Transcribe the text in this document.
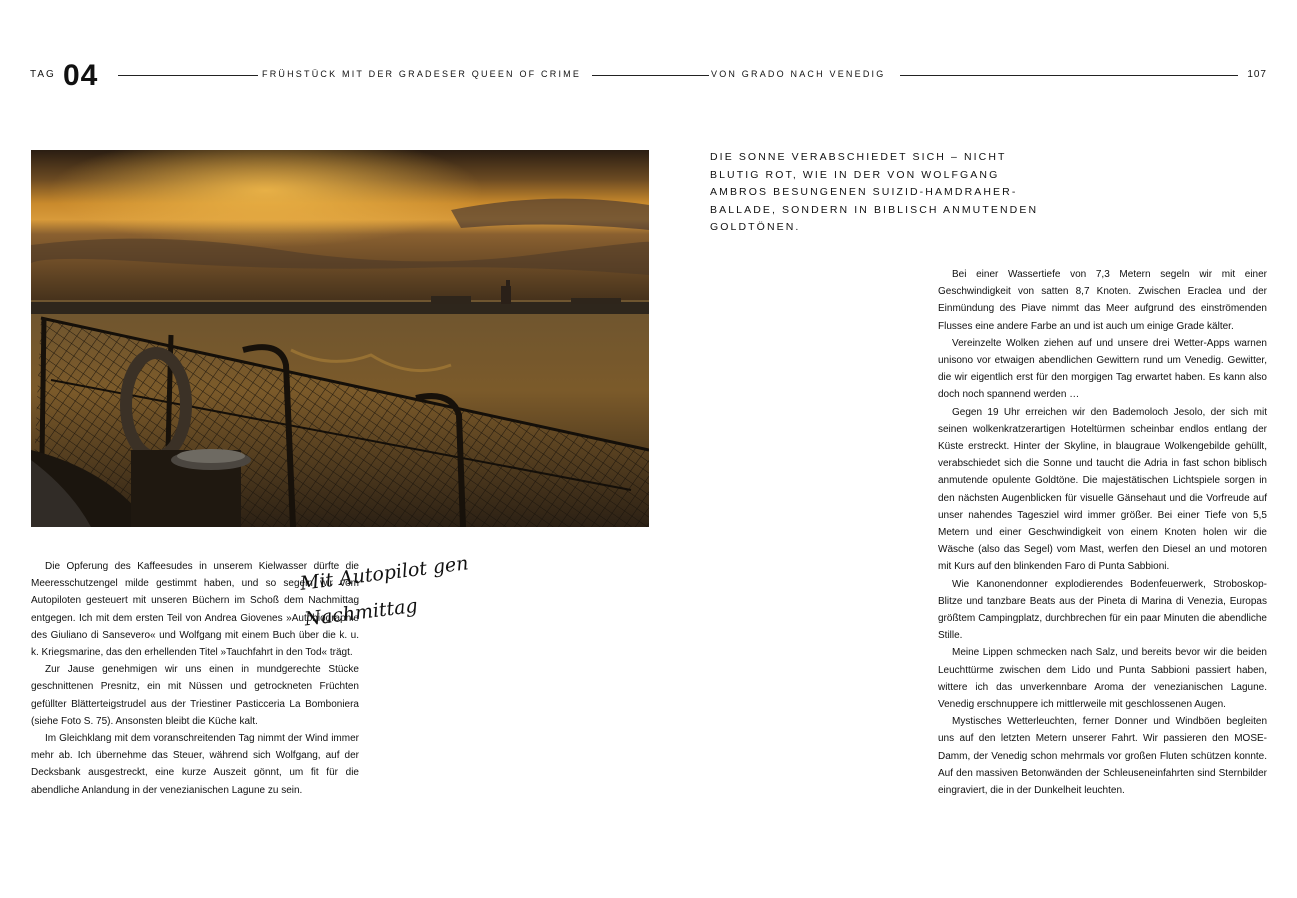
TAG 04	FRÜHSTÜCK MIT DER GRADESER QUEEN OF CRIME	VON GRADO NACH VENEDIG	107
DIE SONNE VERABSCHIEDET SICH – NICHT BLUTIG ROT, WIE IN DER VON WOLFGANG AMBROS BESUNGENEN SUIZID-HAMDRAHER-BALLADE, SONDERN IN BIBLISCH ANMUTENDEN GOLDTÖNEN.
Mit Autopilot gen
Nachmittag

Die Opferung des Kaffeesudes in unserem Kielwasser dürfte die Meeresschutzengel milde gestimmt haben, und so segeln wir vom Autopiloten gesteuert mit unseren Büchern im Schoß dem Nachmittag entgegen. Ich mit dem ersten Teil von Andrea Giovenes »Autobiographie des Giuliano di Sanseverо« und Wolfgang mit einem Buch über die k. u. k. Kriegsmarine, das den erhellenden Titel »Tauchfahrt in den Tod« trägt.

Zur Jause genehmigen wir uns einen in mundgerechte Stücke geschnittenen Presnitz, ein mit Nüssen und getrockneten Früchten gefüllter Blätterteigstrudel aus der Triestiner Pasticceria La Bomboniera (siehe Foto S. 75). Ansonsten bleibt die Küche kalt.

Im Gleichklang mit dem voranschreitenden Tag nimmt der Wind immer mehr ab. Ich übernehme das Steuer, während sich Wolfgang, auf der Decksbank ausgestreckt, eine kurze Auszeit gönnt, um fit für die abendliche Anlandung in der venezianischen Lagune zu sein.

Bei einer Wassertiefe von 7,3 Metern segeln wir mit einer Geschwindigkeit von satten 8,7 Knoten. Zwischen Eraclea und der Einmündung des Piave nimmt das Meer aufgrund des einströmenden Flusses eine andere Farbe an und ist auch um einige Grade kälter.

Vereinzelte Wolken ziehen auf und unsere drei Wetter-Apps warnen unisono vor etwaigen abendlichen Gewittern rund um Venedig. Gewitter, die wir eigentlich erst für den morgigen Tag erwartet haben. Es kann also doch noch spannend werden …

Gegen 19 Uhr erreichen wir den Bademoloch Jesolo, der sich mit seinen wolkenkratzerartigen Hoteltürmen scheinbar endlos entlang der Küste erstreckt. Hinter der Skyline, in blaugraue Wolkengebilde gehüllt, verabschiedet sich die Sonne und taucht die Adria in fast schon biblisch anmutende opulente Goldtöne. Die majestätischen Lichtspiele sorgen in den nächsten Augenblicken für visuelle Gänsehaut und die Vorfreude auf unser nahendes Tagesziel wird immer größer. Bei einer Tiefe von 5,5 Metern und einer Geschwindigkeit von einem Knoten holen wir die Wäsche (also das Segel) vom Mast, werfen den Diesel an und motoren mit Kurs auf den blinkenden Faro di Punta Sabbioni.

Wie Kanonendonner explodierendes Bodenfeuerwerk, Stroboskop-Blitze und tanzbare Beats aus der Pineta di Marina di Venezia, Europas größtem Campingplatz, durchbrechen für ein paar Minuten die abendliche Stille.

Meine Lippen schmecken nach Salz, und bereits bevor wir die beiden Leuchttürme zwischen dem Lido und Punta Sabbioni passiert haben, wittere ich das unverkennbare Aroma der venezianischen Lagune. Venedig erschnuppere ich mittlerweile mit geschlossenen Augen.

Mystisches Wetterleuchten, ferner Donner und Windböen begleiten uns auf den letzten Metern unserer Fahrt. Wir passieren den MOSE-Damm, der Venedig schon mehrmals vor großen Fluten schützen konnte. Auf den massiven Betonwänden der Schleuseneinfahrten sind Sternbilder eingraviert, die in der Dunkelheit leuchten.
